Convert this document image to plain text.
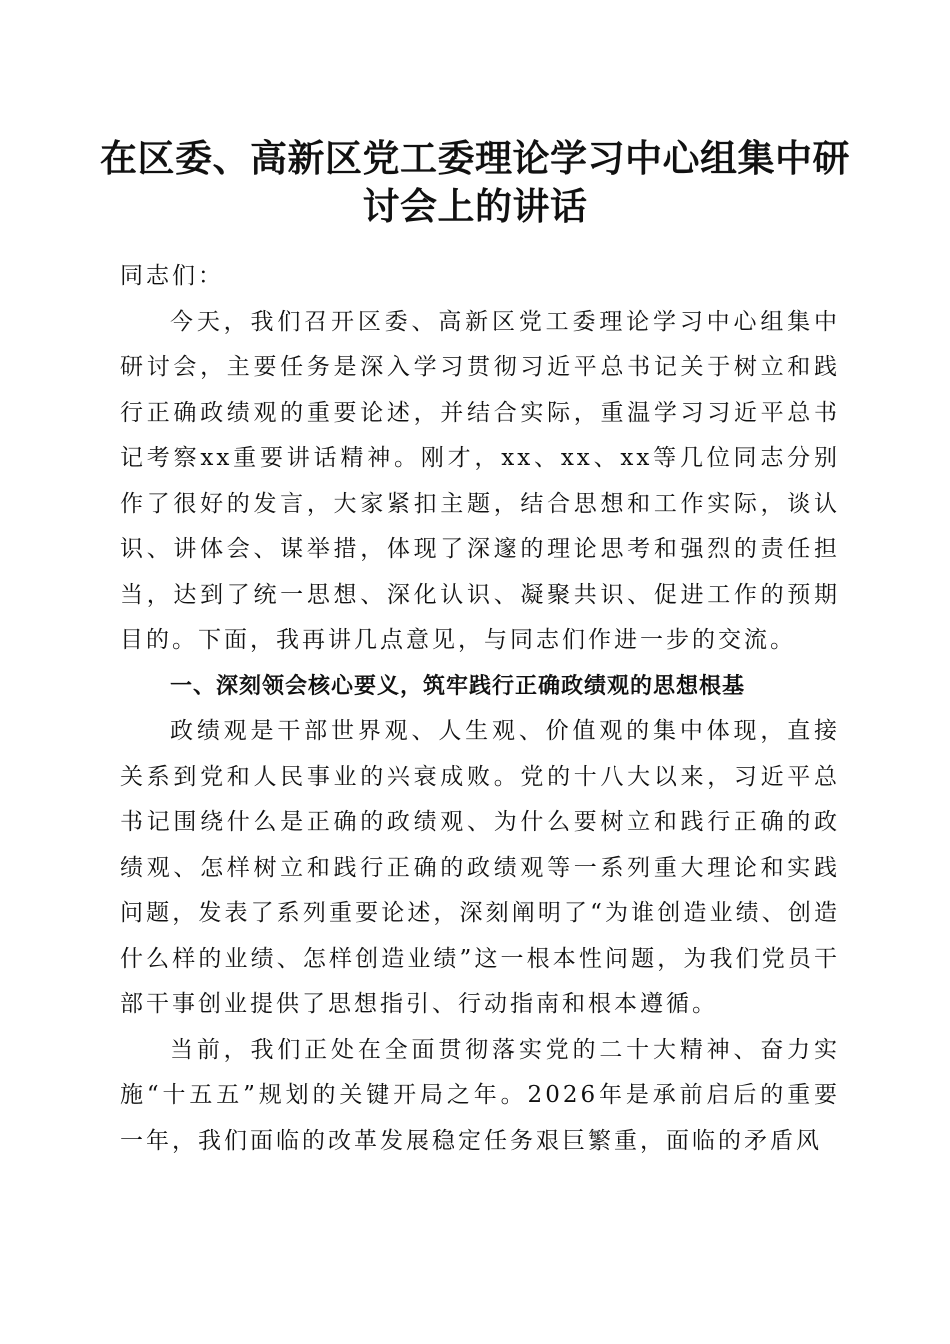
在区委、高新区党工委理论学习中心组集中研讨会上的讲话

同志们：

今天，我们召开区委、高新区党工委理论学习中心组集中研讨会，主要任务是深入学习贯彻习近平总书记关于树立和践行正确政绩观的重要论述，并结合实际，重温学习习近平总书记考察xx重要讲话精神。刚才，xx、xx、xx等几位同志分别作了很好的发言，大家紧扣主题，结合思想和工作实际，谈认识、讲体会、谋举措，体现了深邃的理论思考和强烈的责任担当，达到了统一思想、深化认识、凝聚共识、促进工作的预期目的。下面，我再讲几点意见，与同志们作进一步的交流。

一、深刻领会核心要义，筑牢践行正确政绩观的思想根基

政绩观是干部世界观、人生观、价值观的集中体现，直接关系到党和人民事业的兴衰成败。党的十八大以来，习近平总书记围绕什么是正确的政绩观、为什么要树立和践行正确的政绩观、怎样树立和践行正确的政绩观等一系列重大理论和实践问题，发表了系列重要论述，深刻阐明了“为谁创造业绩、创造什么样的业绩、怎样创造业绩”这一根本性问题，为我们党员干部干事创业提供了思想指引、行动指南和根本遵循。

当前，我们正处在全面贯彻落实党的二十大精神、奋力实施“十五五”规划的关键开局之年。2026年是承前启后的重要一年，我们面临的改革发展稳定任务艰巨繁重，面临的矛盾风
